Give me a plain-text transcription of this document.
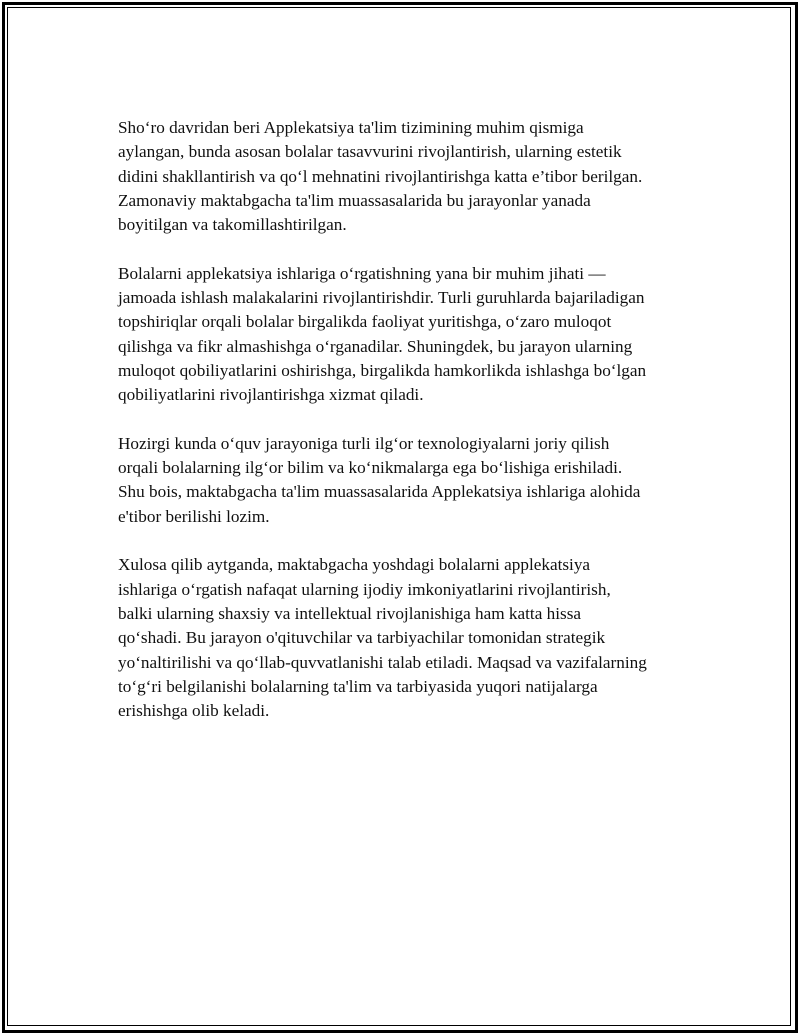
Sho‘ro davridan beri Applekatsiya ta'lim tizimining muhim qismiga
aylangan, bunda asosan bolalar tasavvurini rivojlantirish, ularning estetik
didini shakllantirish va qo‘l mehnatini rivojlantirishga katta e’tibor berilgan.
Zamonaviy maktabgacha ta'lim muassasalarida bu jarayonlar yanada
boyitilgan va takomillashtirilgan.

Bolalarni applekatsiya ishlariga o‘rgatishning yana bir muhim jihati —
jamoada ishlash malakalarini rivojlantirishdir. Turli guruhlarda bajariladigan
topshiriqlar orqali bolalar birgalikda faoliyat yuritishga, o‘zaro muloqot
qilishga va fikr almashishga o‘rganadilar. Shuningdek, bu jarayon ularning
muloqot qobiliyatlarini oshirishga, birgalikda hamkorlikda ishlashga bo‘lgan
qobiliyatlarini rivojlantirishga xizmat qiladi.

Hozirgi kunda o‘quv jarayoniga turli ilg‘or texnologiyalarni joriy qilish
orqali bolalarning ilg‘or bilim va ko‘nikmalarga ega bo‘lishiga erishiladi.
Shu bois, maktabgacha ta'lim muassasalarida Applekatsiya ishlariga alohida
e'tibor berilishi lozim.

Xulosa qilib aytganda, maktabgacha yoshdagi bolalarni applekatsiya
ishlariga o‘rgatish nafaqat ularning ijodiy imkoniyatlarini rivojlantirish,
balki ularning shaxsiy va intellektual rivojlanishiga ham katta hissa
qo‘shadi. Bu jarayon o'qituvchilar va tarbiyachilar tomonidan strategik
yo‘naltirilishi va qo‘llab-quvvatlanishi talab etiladi. Maqsad va vazifalarning
to‘g‘ri belgilanishi bolalarning ta'lim va tarbiyasida yuqori natijalarga
erishishga olib keladi.
